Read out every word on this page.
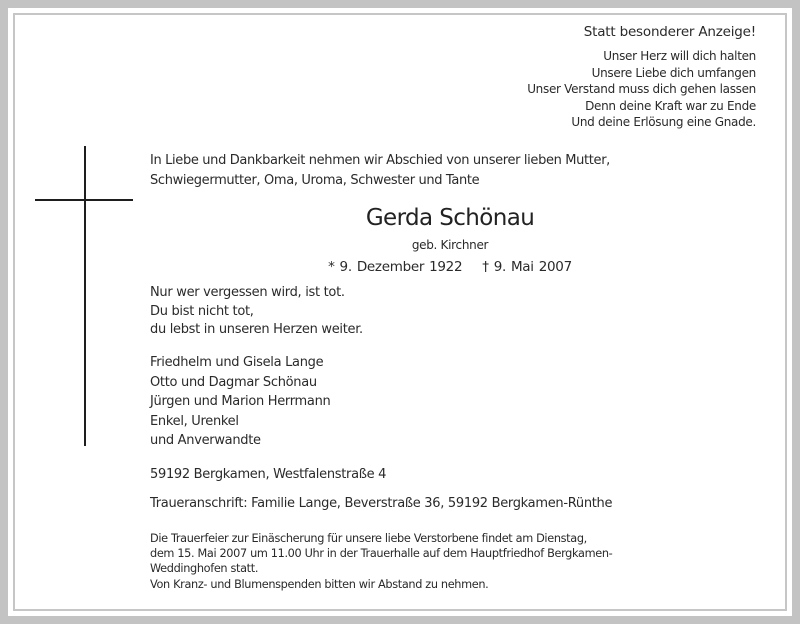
Statt besonderer Anzeige!
Unser Herz will dich halten
Unsere Liebe dich umfangen
Unser Verstand muss dich gehen lassen
Denn deine Kraft war zu Ende
Und deine Erlösung eine Gnade.
In Liebe und Dankbarkeit nehmen wir Abschied von unserer lieben Mutter,
Schwiegermutter, Oma, Uroma, Schwester und Tante
Gerda Schönau
geb. Kirchner
* 9. Dezember 1922 † 9. Mai 2007
Nur wer vergessen wird, ist tot.
Du bist nicht tot,
du lebst in unseren Herzen weiter.
Friedhelm und Gisela Lange
Otto und Dagmar Schönau
Jürgen und Marion Herrmann
Enkel, Urenkel
und Anverwandte
59192 Bergkamen, Westfalenstraße 4
Traueranschrift: Familie Lange, Beverstraße 36, 59192 Bergkamen-Rünthe
Die Trauerfeier zur Einäscherung für unsere liebe Verstorbene findet am Dienstag,
dem 15. Mai 2007 um 11.00 Uhr in der Trauerhalle auf dem Hauptfriedhof Bergkamen-
Weddinghofen statt.
Von Kranz- und Blumenspenden bitten wir Abstand zu nehmen.
